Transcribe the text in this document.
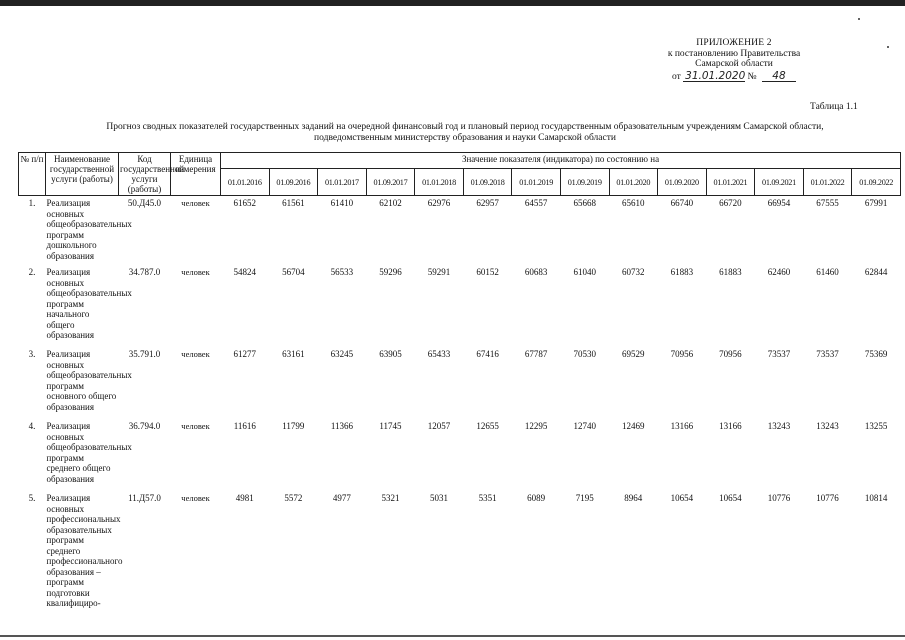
ПРИЛОЖЕНИЕ 2
к постановлению Правительства
Самарской области
от 31.01.2020 № 48
Таблица 1.1
Прогноз сводных показателей государственных заданий на очередной финансовый год и плановый период государственным образовательным учреждениям Самарской области,
подведомственным министерству образования и науки Самарской области
№ п/п	Наименование государственной услуги (работы)	Код государственной услуги (работы)	Единица измерения	Значение показателя (индикатора) по состоянию на													
				01.01.2016	01.09.2016	01.01.2017	01.09.2017	01.01.2018	01.09.2018	01.01.2019	01.09.2019	01.01.2020	01.09.2020	01.01.2021	01.09.2021	01.01.2022	01.09.2022
1.	Реализация основных общеобразовательных программ дошкольного образования	50.Д45.0	человек	61652	61561	61410	62102	62976	62957	64557	65668	65610	66740	66720	66954	67555	67991
2.	Реализация основных общеобразовательных программ начального общего образования	34.787.0	человек	54824	56704	56533	59296	59291	60152	60683	61040	60732	61883	61883	62460	61460	62844
3.	Реализация основных общеобразовательных программ основного общего образования	35.791.0	человек	61277	63161	63245	63905	65433	67416	67787	70530	69529	70956	70956	73537	73537	75369
4.	Реализация основных общеобразовательных программ среднего общего образования	36.794.0	человек	11616	11799	11366	11745	12057	12655	12295	12740	12469	13166	13166	13243	13243	13255
5.	Реализация основных профессиональных образовательных программ среднего профессионального образования – программ подготовки квалифициро-	11.Д57.0	человек	4981	5572	4977	5321	5031	5351	6089	7195	8964	10654	10654	10776	10776	10814
